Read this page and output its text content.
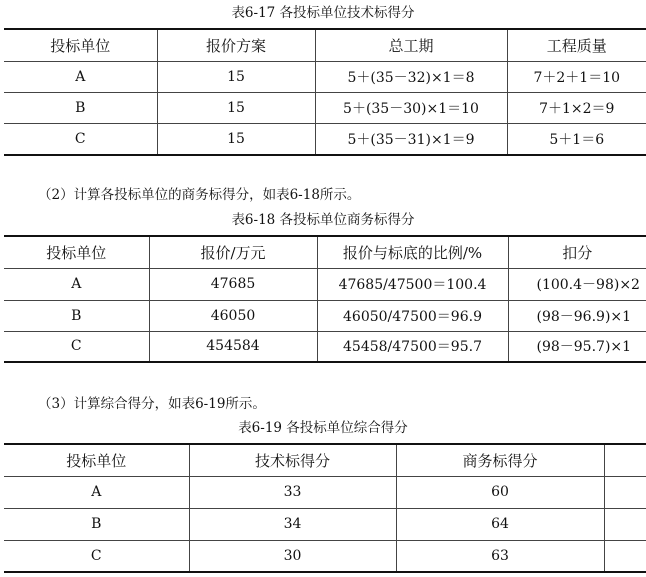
表6-17 各投标单位技术标得分
投标单位	报价方案	总工期	工程质量
A	15	5＋(35－32)×1＝8	7＋2＋1＝10
B	15	5＋(35－30)×1＝10	7＋1×2＝9
C	15	5＋(35－31)×1＝9	5＋1＝6
（2）计算各投标单位的商务标得分，如表6-18所示。
表6-18 各投标单位商务标得分
投标单位	报价/万元	报价与标底的比例/%	扣分
A	47685	47685/47500＝100.4	(100.4－98)×2
B	46050	46050/47500＝96.9	(98－96.9)×1
C	454584	45458/47500＝95.7	(98－95.7)×1
（3）计算综合得分，如表6-19所示。
表6-19 各投标单位综合得分
投标单位	技术标得分	商务标得分	
A	33	60	
B	34	64	
C	30	63	
